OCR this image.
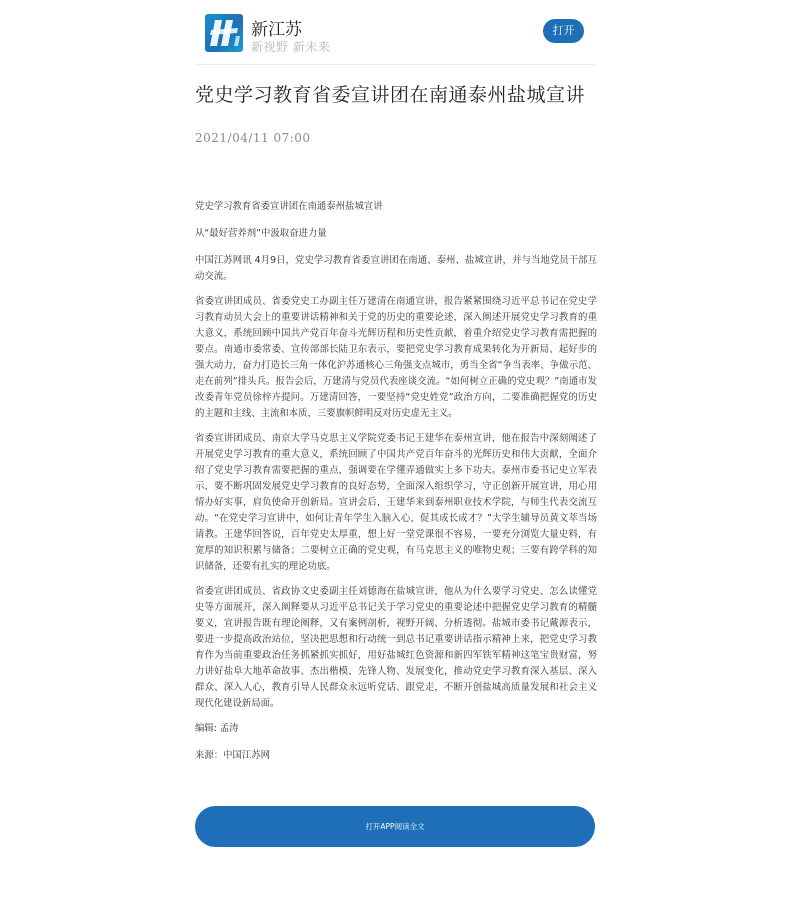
新江苏
新视野 新未来
打开
党史学习教育省委宣讲团在南通泰州盐城宣讲
2021/04/11 07:00

党史学习教育省委宣讲团在南通泰州盐城宣讲

从“最好营养剂”中汲取奋进力量

中国江苏网讯 4月9日，党史学习教育省委宣讲团在南通、泰州、盐城宣讲，并与当地党员干部互动交流。

省委宣讲团成员、省委党史工办副主任万建清在南通宣讲，报告紧紧围绕习近平总书记在党史学习教育动员大会上的重要讲话精神和关于党的历史的重要论述，深入阐述开展党史学习教育的重大意义，系统回顾中国共产党百年奋斗光辉历程和历史性贡献，着重介绍党史学习教育需把握的要点。南通市委常委、宣传部部长陆卫东表示，要把党史学习教育成果转化为开新局、起好步的强大动力，奋力打造长三角一体化沪苏通核心三角强支点城市，勇当全省“争当表率、争做示范、走在前列”排头兵。报告会后，万建清与党员代表座谈交流。“如何树立正确的党史观？”南通市发改委青年党员徐梓卉提问。万建清回答，一要坚持“党史姓党”政治方向，二要准确把握党的历史的主题和主线、主流和本质，三要旗帜鲜明反对历史虚无主义。

省委宣讲团成员、南京大学马克思主义学院党委书记王建华在泰州宣讲，他在报告中深刻阐述了开展党史学习教育的重大意义，系统回顾了中国共产党百年奋斗的光辉历史和伟大贡献，全面介绍了党史学习教育需要把握的重点，强调要在学懂弄通做实上多下功夫。泰州市委书记史立军表示，要不断巩固发展党史学习教育的良好态势，全面深入组织学习，守正创新开展宣讲，用心用情办好实事，肩负使命开创新局。宣讲会后，王建华来到泰州职业技术学院，与师生代表交流互动。“在党史学习宣讲中，如何让青年学生入脑入心，促其成长成才？”大学生辅导员黄文萃当场请教。王建华回答说，百年党史太厚重，想上好一堂党课很不容易，一要充分浏览大量史料，有宽厚的知识积累与储备；二要树立正确的党史观，有马克思主义的唯物史观；三要有跨学科的知识储备，还要有扎实的理论功底。

省委宣讲团成员、省政协文史委副主任刘德海在盐城宣讲，他从为什么要学习党史、怎么读懂党史等方面展开，深入阐释要从习近平总书记关于学习党史的重要论述中把握党史学习教育的精髓要义，宣讲报告既有理论阐释，又有案例剖析，视野开阔、分析透彻。盐城市委书记戴源表示，要进一步提高政治站位，坚决把思想和行动统一到总书记重要讲话指示精神上来，把党史学习教育作为当前重要政治任务抓紧抓实抓好，用好盐城红色资源和新四军铁军精神这笔宝贵财富，努力讲好盐阜大地革命故事、杰出楷模、先锋人物、发展变化，推动党史学习教育深入基层、深入群众、深入人心，教育引导人民群众永远听党话、跟党走，不断开创盐城高质量发展和社会主义现代化建设新局面。

编辑: 孟涛

来源：中国江苏网

打开APP阅读全文
